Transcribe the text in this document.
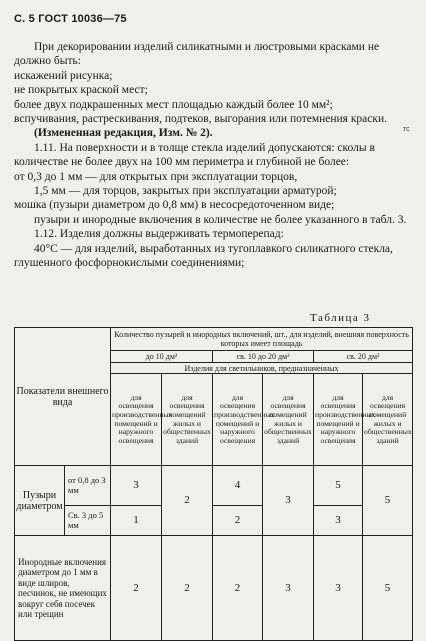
С. 5 ГОСТ 10036—75
тс

При декорировании изделий силикатными и люстровыми красками не должно быть:

искажений рисунка;

не покрытых краской мест;

более двух подкрашенных мест площадью каждый более 10 мм²;

вспучивания, растрескивания, подтеков, выгорания или потемнения краски.

(Измененная редакция, Изм. № 2).

1.11. На поверхности и в толще стекла изделий допускаются: сколы в количестве не более двух на 100 мм периметра и глубиной не более:

от 0,3 до 1 мм — для открытых при эксплуатации торцов,

1,5 мм — для торцов, закрытых при эксплуатации арматурой;

мошка (пузыри диаметром до 0,8 мм) в несосредоточенном виде;

пузыри и инородные включения в количестве не более указанного в табл. 3.

1.12. Изделия должны выдерживать термоперепад:

40°С — для изделий, выработанных из тугоплавкого силикатного стекла, глушенного фосфорнокислыми соединениями;

Таблица 3
Показатели внешнего вида		Количество пузырей и инородных включений, шт., для изделий, внешняя поверхность которых имеет площадь					
		до 10 дм²		св. 10 до 20 дм²		св. 20 дм²	
		Изделия для светильников, предназначенных					
		для освещения производственных помещений и наружного освещения	для освещения помещений жилых и общественных зданий	для освещения производственных помещений и наружного освещения	для освещения помещений жилых и общественных зданий	для освещения производственных помещений и наружного освещения	для освещения помещений жилых и общественных зданий
Пузыри диаметром	от 0,8 до 3 мм	3	2	4	3	5	5
	Св. 3 до 5 мм	1		2		3	
Инородные включения диаметром до 1 мм в виде шлиров, песчинок, не имеющих вокруг себя посечек или трещин		2	2	2	3	3	5
